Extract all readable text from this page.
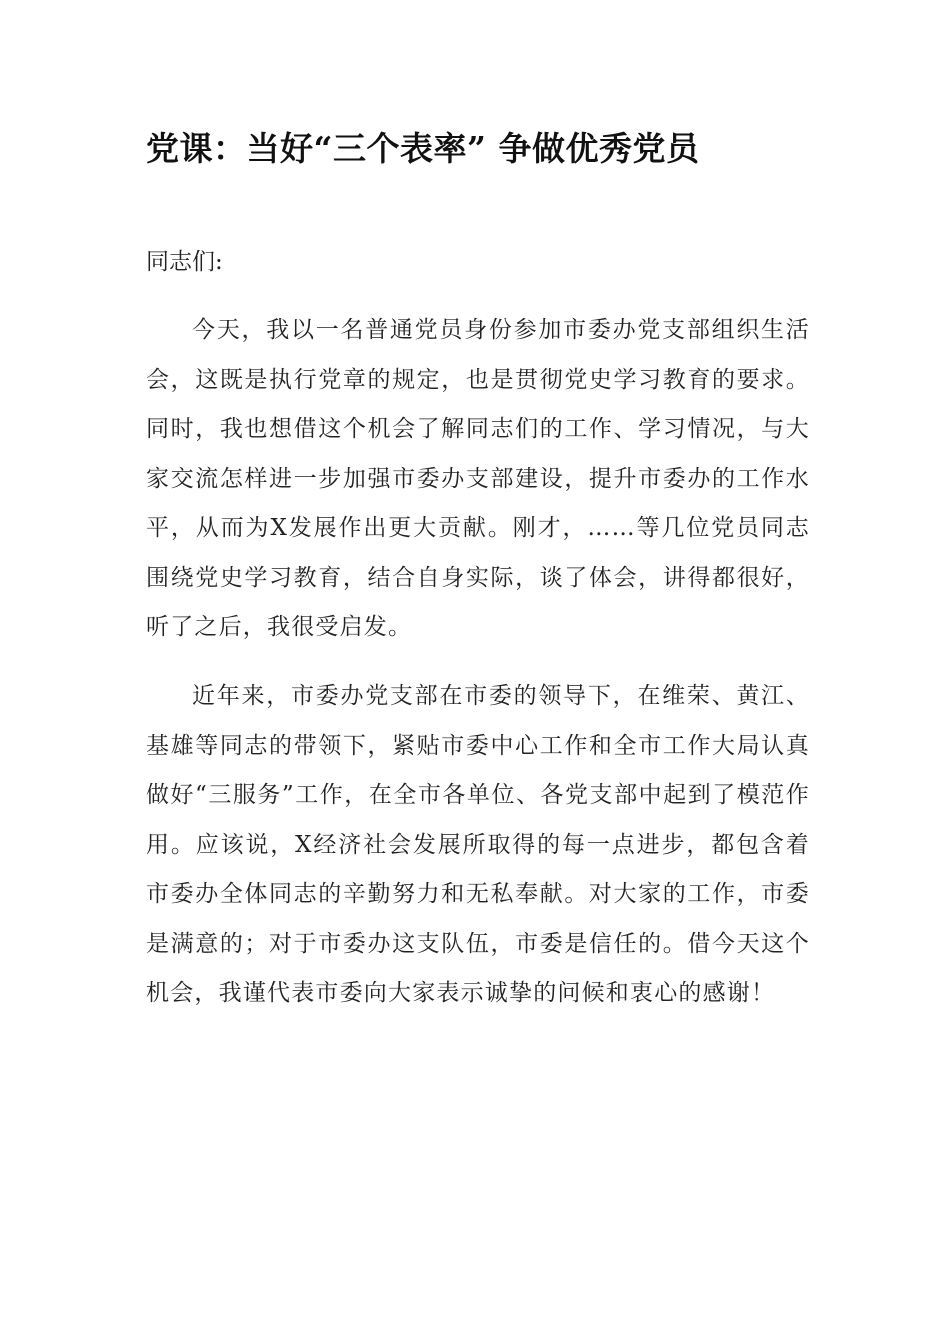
党课：当好“三个表率” 争做优秀党员

同志们:

今天，我以一名普通党员身份参加市委办党支部组织生活会，这既是执行党章的规定，也是贯彻党史学习教育的要求。同时，我也想借这个机会了解同志们的工作、学习情况，与大家交流怎样进一步加强市委办支部建设，提升市委办的工作水平，从而为X发展作出更大贡献。刚才，……等几位党员同志围绕党史学习教育，结合自身实际，谈了体会，讲得都很好，听了之后，我很受启发。

近年来，市委办党支部在市委的领导下，在维荣、黄江、基雄等同志的带领下，紧贴市委中心工作和全市工作大局认真做好“三服务”工作，在全市各单位、各党支部中起到了模范作用。应该说，X经济社会发展所取得的每一点进步，都包含着市委办全体同志的辛勤努力和无私奉献。对大家的工作，市委是满意的；对于市委办这支队伍，市委是信任的。借今天这个机会，我谨代表市委向大家表示诚挚的问候和衷心的感谢！
